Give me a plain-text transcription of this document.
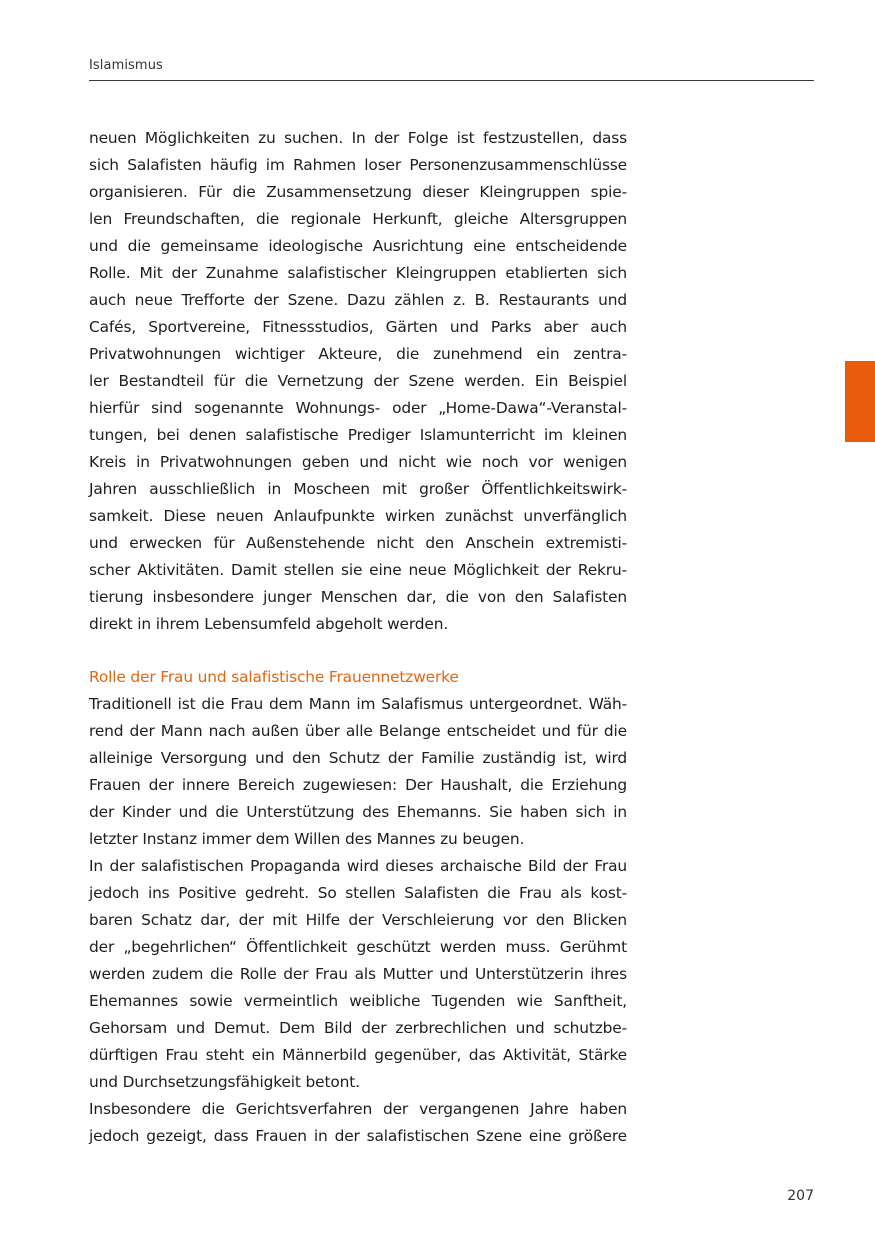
Islamismus
neuen Möglichkeiten zu suchen. In der Folge ist festzustellen, dass
sich Salafisten häufig im Rahmen loser Personenzusammenschlüsse
organisieren. Für die Zusammensetzung dieser Kleingruppen spie-
len Freundschaften, die regionale Herkunft, gleiche Altersgruppen
und die gemeinsame ideologische Ausrichtung eine entscheidende
Rolle. Mit der Zunahme salafistischer Kleingruppen etablierten sich
auch neue Trefforte der Szene. Dazu zählen z. B. Restaurants und
Cafés, Sportvereine, Fitnessstudios, Gärten und Parks aber auch
Privatwohnungen wichtiger Akteure, die zunehmend ein zentra-
ler Bestandteil für die Vernetzung der Szene werden. Ein Beispiel
hierfür sind sogenannte Wohnungs- oder „Home-Dawa“-Veranstal-
tungen, bei denen salafistische Prediger Islamunterricht im kleinen
Kreis in Privatwohnungen geben und nicht wie noch vor wenigen
Jahren ausschließlich in Moscheen mit großer Öffentlichkeitswirk-
samkeit. Diese neuen Anlaufpunkte wirken zunächst unverfänglich
und erwecken für Außenstehende nicht den Anschein extremisti-
scher Aktivitäten. Damit stellen sie eine neue Möglichkeit der Rekru-
tierung insbesondere junger Menschen dar, die von den Salafisten
direkt in ihrem Lebensumfeld abgeholt werden.
Rolle der Frau und salafistische Frauennetzwerke
Traditionell ist die Frau dem Mann im Salafismus untergeordnet. Wäh-
rend der Mann nach außen über alle Belange entscheidet und für die
alleinige Versorgung und den Schutz der Familie zuständig ist, wird
Frauen der innere Bereich zugewiesen: Der Haushalt, die Erziehung
der Kinder und die Unterstützung des Ehemanns. Sie haben sich in
letzter Instanz immer dem Willen des Mannes zu beugen.
In der salafistischen Propaganda wird dieses archaische Bild der Frau
jedoch ins Positive gedreht. So stellen Salafisten die Frau als kost-
baren Schatz dar, der mit Hilfe der Verschleierung vor den Blicken
der „begehrlichen“ Öffentlichkeit geschützt werden muss. Gerühmt
werden zudem die Rolle der Frau als Mutter und Unterstützerin ihres
Ehemannes sowie vermeintlich weibliche Tugenden wie Sanftheit,
Gehorsam und Demut. Dem Bild der zerbrechlichen und schutzbe-
dürftigen Frau steht ein Männerbild gegenüber, das Aktivität, Stärke
und Durchsetzungsfähigkeit betont.
Insbesondere die Gerichtsverfahren der vergangenen Jahre haben
jedoch gezeigt, dass Frauen in der salafistischen Szene eine größere
207
